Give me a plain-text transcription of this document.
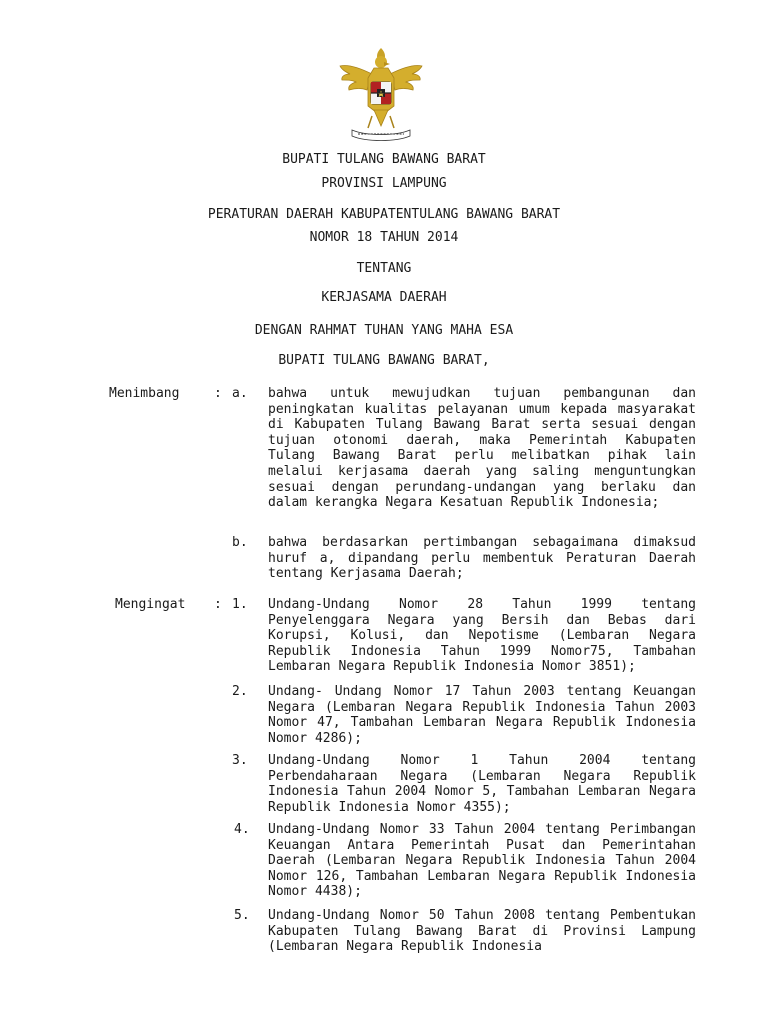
BUPATI TULANG BAWANG BARAT
PROVINSI LAMPUNG
PERATURAN DAERAH KABUPATENTULANG BAWANG BARAT
NOMOR 18 TAHUN 2014
TENTANG
KERJASAMA DAERAH
DENGAN RAHMAT TUHAN YANG MAHA ESA
BUPATI TULANG BAWANG BARAT,
Menimbang	: a. bahwa untuk mewujudkan tujuan pembangunan dan peningkatan kualitas pelayanan umum kepada masyarakat di Kabupaten Tulang Bawang Barat serta sesuai dengan tujuan otonomi daerah, maka Pemerintah Kabupaten Tulang Bawang Barat perlu melibatkan pihak lain melalui kerjasama daerah yang saling menguntungkan sesuai dengan perundang-undangan yang berlaku dan dalam kerangka Negara Kesatuan Republik Indonesia;
b. bahwa berdasarkan pertimbangan sebagaimana dimaksud huruf a, dipandang perlu membentuk Peraturan Daerah tentang Kerjasama Daerah;
Mengingat : 1. Undang-Undang Nomor 28 Tahun 1999 tentang Penyelenggara Negara yang Bersih dan Bebas dari Korupsi, Kolusi, dan Nepotisme (Lembaran Negara Republik Indonesia Tahun 1999 Nomor75, Tambahan Lembaran Negara Republik Indonesia Nomor 3851);
2. Undang- Undang Nomor 17 Tahun 2003 tentang Keuangan Negara (Lembaran Negara Republik Indonesia Tahun 2003 Nomor 47, Tambahan Lembaran Negara Republik Indonesia Nomor 4286);
3. Undang-Undang Nomor 1 Tahun 2004 tentang Perbendaharaan Negara (Lembaran Negara Republik Indonesia Tahun 2004 Nomor 5, Tambahan Lembaran Negara Republik Indonesia Nomor 4355);
4. Undang-Undang Nomor 33 Tahun 2004 tentang Perimbangan Keuangan Antara Pemerintah Pusat dan Pemerintahan Daerah (Lembaran Negara Republik Indonesia Tahun 2004 Nomor 126, Tambahan Lembaran Negara Republik Indonesia Nomor 4438);
5. Undang-Undang Nomor 50 Tahun 2008 tentang Pembentukan Kabupaten Tulang Bawang Barat di Provinsi Lampung (Lembaran Negara Republik Indonesia
